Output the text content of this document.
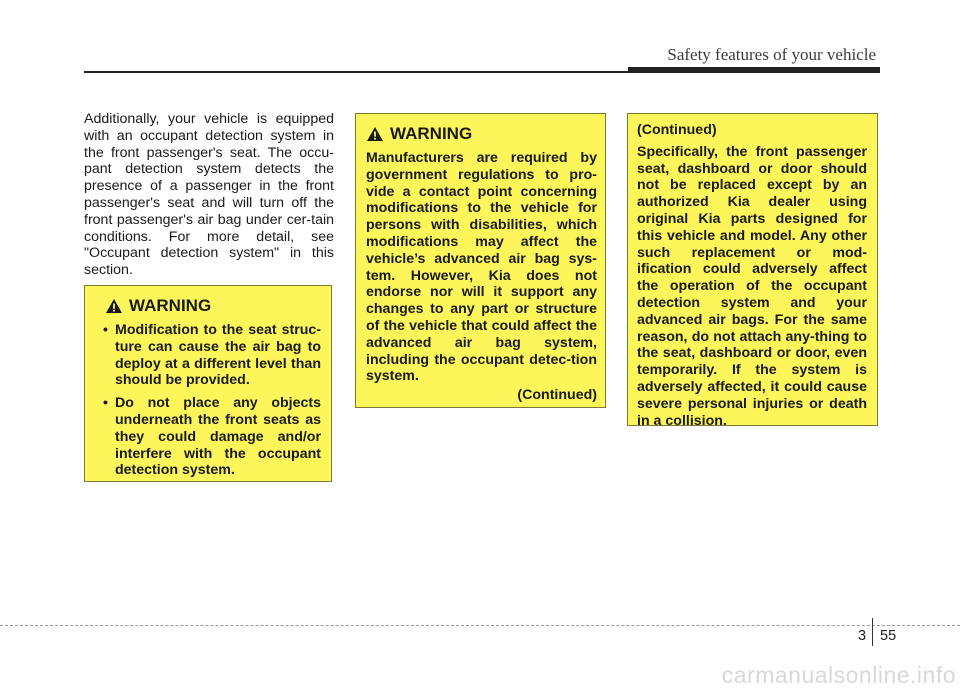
Safety features of your vehicle

Additionally, your vehicle is equipped with an occupant detection system in the front passenger's seat. The occu-pant detection system detects the presence of a passenger in the front passenger's seat and will turn off the front passenger's air bag under cer-tain conditions. For more detail, see "Occupant detection system" in this section.

WARNING
• Modification to the seat struc-ture can cause the air bag to deploy at a different level than should be provided.
• Do not place any objects underneath the front seats as they could damage and/or interfere with the occupant detection system.
WARNING

Manufacturers are required by government regulations to pro-vide a contact point concerning modifications to the vehicle for persons with disabilities, which modifications may affect the vehicle’s advanced air bag sys-tem. However, Kia does not endorse nor will it support any changes to any part or structure of the vehicle that could affect the advanced air bag system, including the occupant detec-tion system.

(Continued)

(Continued)

Specifically, the front passenger seat, dashboard or door should not be replaced except by an authorized Kia dealer using original Kia parts designed for this vehicle and model. Any other such replacement or mod-ification could adversely affect the operation of the occupant detection system and your advanced air bags. For the same reason, do not attach any-thing to the seat, dashboard or door, even temporarily. If the system is adversely affected, it could cause severe personal injuries or death in a collision.

3 55
carmanualsonline.info
